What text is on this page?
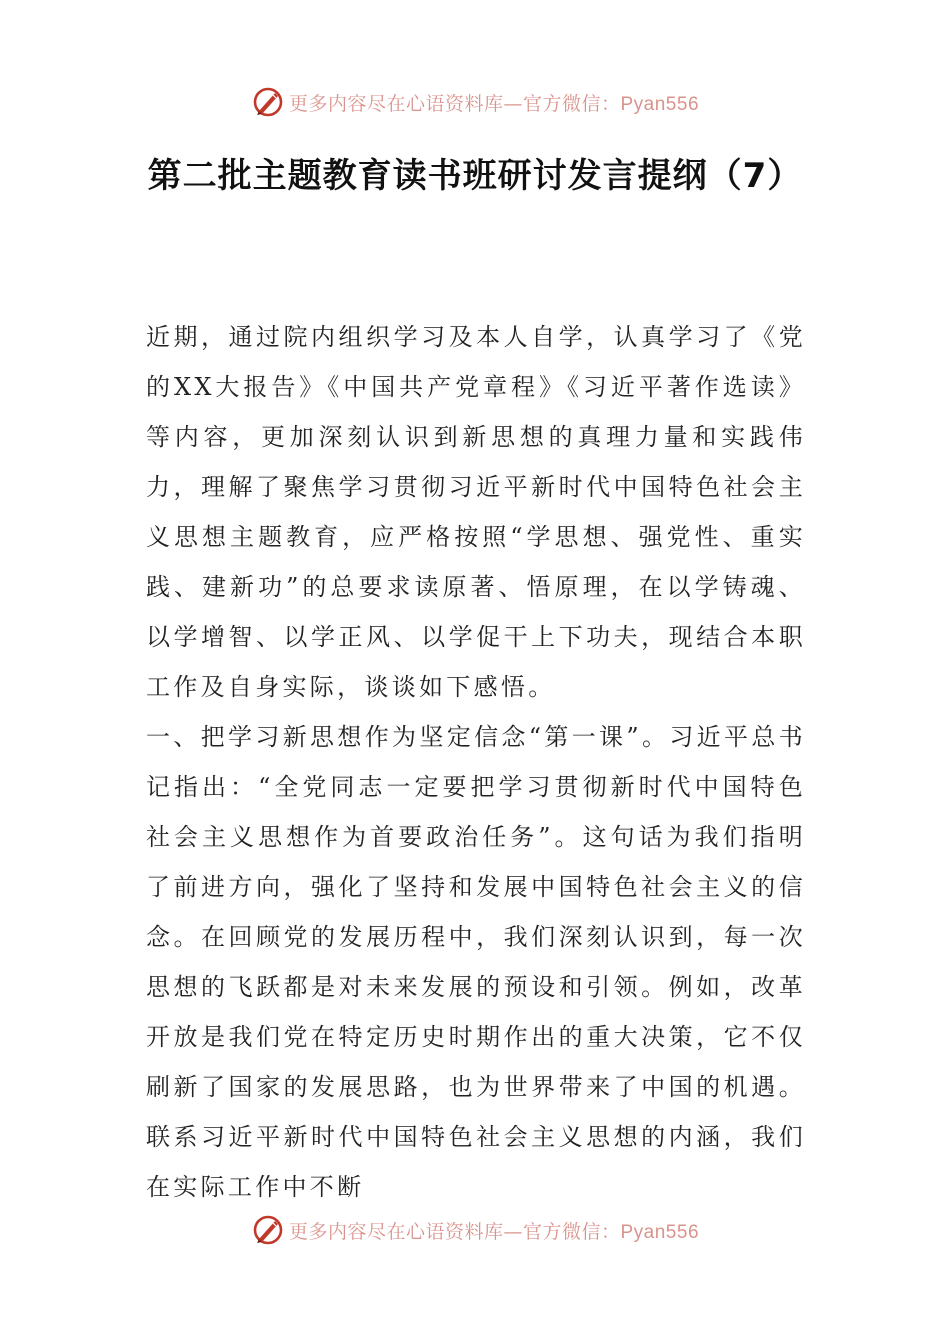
更多内容尽在心语资料库—官方微信：Pyan556
第二批主题教育读书班研讨发言提纲（7）

近期，通过院内组织学习及本人自学，认真学习了《党的XX大报告》《中国共产党章程》《习近平著作选读》等内容，更加深刻认识到新思想的真理力量和实践伟力，理解了聚焦学习贯彻习近平新时代中国特色社会主义思想主题教育，应严格按照“学思想、强党性、重实践、建新功”的总要求读原著、悟原理，在以学铸魂、以学增智、以学正风、以学促干上下功夫，现结合本职工作及自身实际，谈谈如下感悟。

一、把学习新思想作为坚定信念“第一课”。习近平总书记指出：“全党同志一定要把学习贯彻新时代中国特色社会主义思想作为首要政治任务”。这句话为我们指明了前进方向，强化了坚持和发展中国特色社会主义的信念。在回顾党的发展历程中，我们深刻认识到，每一次思想的飞跃都是对未来发展的预设和引领。例如，改革开放是我们党在特定历史时期作出的重大决策，它不仅刷新了国家的发展思路，也为世界带来了中国的机遇。联系习近平新时代中国特色社会主义思想的内涵，我们在实际工作中不断

更多内容尽在心语资料库—官方微信：Pyan556
